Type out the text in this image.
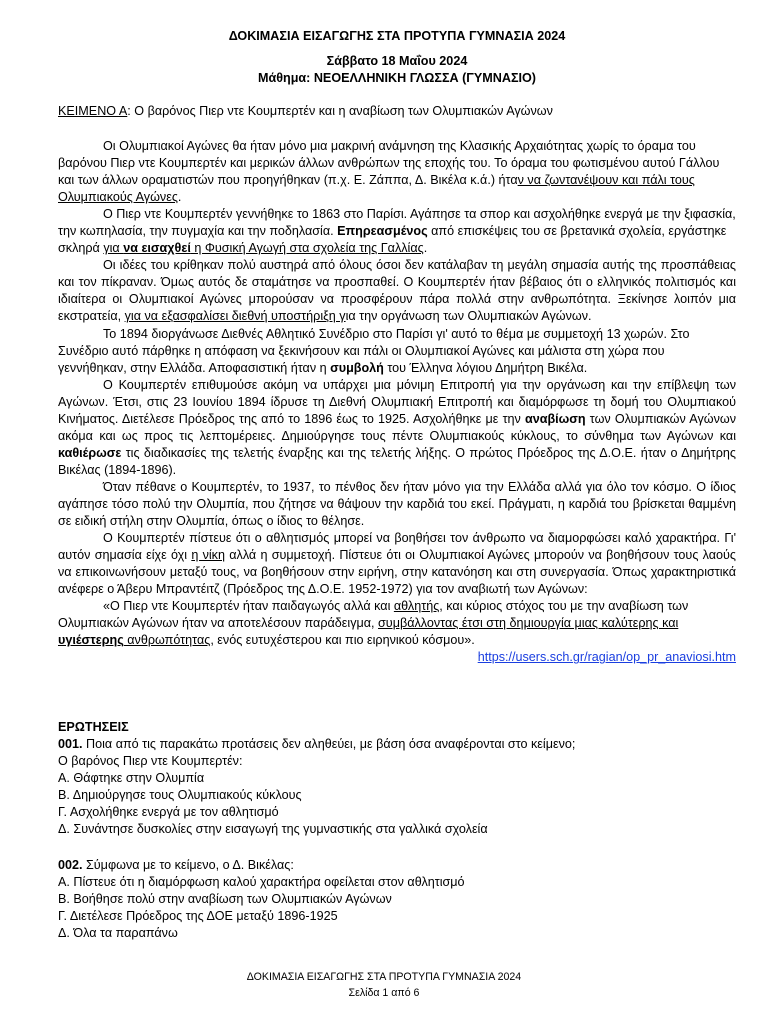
ΔΟΚΙΜΑΣΙΑ ΕΙΣΑΓΩΓΗΣ ΣΤΑ ΠΡΟΤΥΠΑ ΓΥΜΝΑΣΙΑ 2024
Σάββατο 18 Μαΐου 2024
Μάθημα: ΝΕΟΕΛΛΗΝΙΚΗ ΓΛΩΣΣΑ (ΓΥΜΝΑΣΙΟ)
ΚΕΙΜΕΝΟ Α: Ο βαρόνος Πιερ ντε Κουμπερτέν και η αναβίωση των Ολυμπιακών Αγώνων

Οι Ολυμπιακοί Αγώνες θα ήταν μόνο μια μακρινή ανάμνηση της Κλασικής Αρχαιότητας χωρίς το όραμα του βαρόνου Πιερ ντε Κουμπερτέν και μερικών άλλων ανθρώπων της εποχής του. Το όραμα του φωτισμένου αυτού Γάλλου και των άλλων οραματιστών που προηγήθηκαν (π.χ. Ε. Ζάππα, Δ. Βικέλα κ.ά.) ήταν να ζωντανέψουν και πάλι τους Ολυμπιακούς Αγώνες.

Ο Πιερ ντε Κουμπερτέν γεννήθηκε το 1863 στο Παρίσι. Αγάπησε τα σπορ και ασχολήθηκε ενεργά με την ξιφασκία, την κωπηλασία, την πυγμαχία και την ποδηλασία. Επηρεασμένος από επισκέψεις του σε βρετανικά σχολεία, εργάστηκε σκληρά για να εισαχθεί η Φυσική Αγωγή στα σχολεία της Γαλλίας.

Οι ιδέες του κρίθηκαν πολύ αυστηρά από όλους όσοι δεν κατάλαβαν τη μεγάλη σημασία αυτής της προσπάθειας και τον πίκραναν. Όμως αυτός δε σταμάτησε να προσπαθεί. Ο Κουμπερτέν ήταν βέβαιος ότι ο ελληνικός πολιτισμός και ιδιαίτερα οι Ολυμπιακοί Αγώνες μπορούσαν να προσφέρουν πάρα πολλά στην ανθρωπότητα. Ξεκίνησε λοιπόν μια εκστρατεία, για να εξασφαλίσει διεθνή υποστήριξη για την οργάνωση των Ολυμπιακών Αγώνων.

Το 1894 διοργάνωσε Διεθνές Αθλητικό Συνέδριο στο Παρίσι γι' αυτό το θέμα με συμμετοχή 13 χωρών. Στο Συνέδριο αυτό πάρθηκε η απόφαση να ξεκινήσουν και πάλι οι Ολυμπιακοί Αγώνες και μάλιστα στη χώρα που γεννήθηκαν, στην Ελλάδα. Αποφασιστική ήταν η συμβολή του Έλληνα λόγιου Δημήτρη Βικέλα.

Ο Κουμπερτέν επιθυμούσε ακόμη να υπάρχει μια μόνιμη Επιτροπή για την οργάνωση και την επίβλεψη των Αγώνων. Έτσι, στις 23 Ιουνίου 1894 ίδρυσε τη Διεθνή Ολυμπιακή Επιτροπή και διαμόρφωσε τη δομή του Ολυμπιακού Κινήματος. Διετέλεσε Πρόεδρος της από το 1896 έως το 1925. Ασχολήθηκε με την αναβίωση των Ολυμπιακών Αγώνων ακόμα και ως προς τις λεπτομέρειες. Δημιούργησε τους πέντε Ολυμπιακούς κύκλους, το σύνθημα των Αγώνων και καθιέρωσε τις διαδικασίες της τελετής έναρξης και της τελετής λήξης. Ο πρώτος Πρόεδρος της Δ.Ο.Ε. ήταν ο Δημήτρης Βικέλας (1894-1896).

Όταν πέθανε ο Κουμπερτέν, το 1937, το πένθος δεν ήταν μόνο για την Ελλάδα αλλά για όλο τον κόσμο. Ο ίδιος αγάπησε τόσο πολύ την Ολυμπία, που ζήτησε να θάψουν την καρδιά του εκεί. Πράγματι, η καρδιά του βρίσκεται θαμμένη σε ειδική στήλη στην Ολυμπία, όπως ο ίδιος το θέλησε.

Ο Κουμπερτέν πίστευε ότι ο αθλητισμός μπορεί να βοηθήσει τον άνθρωπο να διαμορφώσει καλό χαρακτήρα. Γι' αυτόν σημασία είχε όχι η νίκη αλλά η συμμετοχή. Πίστευε ότι οι Ολυμπιακοί Αγώνες μπορούν να βοηθήσουν τους λαούς να επικοινωνήσουν μεταξύ τους, να βοηθήσουν στην ειρήνη, στην κατανόηση και στη συνεργασία. Όπως χαρακτηριστικά ανέφερε ο Άβερυ Μπραντέιτζ (Πρόεδρος της Δ.Ο.Ε. 1952-1972) για τον αναβιωτή των Αγώνων:

«Ο Πιερ ντε Κουμπερτέν ήταν παιδαγωγός αλλά και αθλητής, και κύριος στόχος του με την αναβίωση των Ολυμπιακών Αγώνων ήταν να αποτελέσουν παράδειγμα, συμβάλλοντας έτσι στη δημιουργία μιας καλύτερης και υγιέστερης ανθρωπότητας, ενός ευτυχέστερου και πιο ειρηνικού κόσμου».

https://users.sch.gr/ragian/op_pr_anaviosi.htm
ΕΡΩΤΗΣΕΙΣ
001. Ποια από τις παρακάτω προτάσεις δεν αληθεύει, με βάση όσα αναφέρονται στο κείμενο;
Ο βαρόνος Πιερ ντε Κουμπερτέν:
Α. Θάφτηκε στην Ολυμπία
Β. Δημιούργησε τους Ολυμπιακούς κύκλους
Γ. Ασχολήθηκε ενεργά με τον αθλητισμό
Δ. Συνάντησε δυσκολίες στην εισαγωγή της γυμναστικής στα γαλλικά σχολεία
002. Σύμφωνα με το κείμενο, ο Δ. Βικέλας:
Α. Πίστευε ότι η διαμόρφωση καλού χαρακτήρα οφείλεται στον αθλητισμό
Β. Βοήθησε πολύ στην αναβίωση των Ολυμπιακών Αγώνων
Γ. Διετέλεσε Πρόεδρος της ΔΟΕ μεταξύ 1896-1925
Δ. Όλα τα παραπάνω
ΔΟΚΙΜΑΣΙΑ ΕΙΣΑΓΩΓΗΣ ΣΤΑ ΠΡΟΤΥΠΑ ΓΥΜΝΑΣΙΑ 2024
Σελίδα 1 από 6
